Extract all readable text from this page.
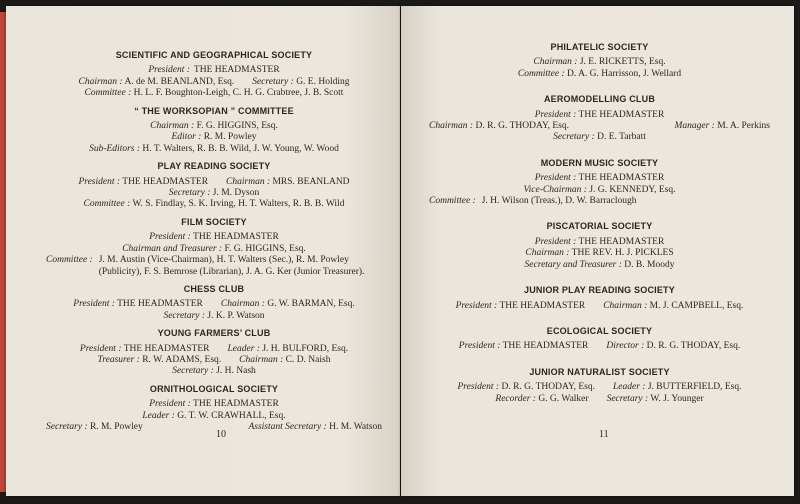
SCIENTIFIC AND GEOGRAPHICAL SOCIETY
President : THE HEADMASTER
Chairman : A. de M. BEANLAND, Esq. Secretary : G. E. Holding
Committee : H. L. F. Boughton-Leigh, C. H. G. Crabtree, J. B. Scott
“ THE WORKSOPIAN ” COMMITTEE
Chairman : F. G. HIGGINS, Esq.
Editor : R. M. Powley
Sub-Editors : H. T. Walters, R. B. B. Wild, J. W. Young, W. Wood
PLAY READING SOCIETY
President : THE HEADMASTER Chairman : MRS. BEANLAND
Secretary : J. M. Dyson
Committee : W. S. Findlay, S. K. Irving, H. T. Walters, R. B. B. Wild
FILM SOCIETY
President : THE HEADMASTER
Chairman and Treasurer : F. G. HIGGINS, Esq.
Committee : J. M. Austin (Vice-Chairman), H. T. Walters (Sec.), R. M. Powley (Publicity), F. S. Bemrose (Librarian), J. A. G. Ker (Junior Treasurer).
CHESS CLUB
President : THE HEADMASTER Chairman : G. W. BARMAN, Esq.
Secretary : J. K. P. Watson
YOUNG FARMERS’ CLUB
President : THE HEADMASTER Leader : J. H. BULFORD, Esq.
Treasurer : R. W. ADAMS, Esq. Chairman : C. D. Naish
Secretary : J. H. Nash
ORNITHOLOGICAL SOCIETY
President : THE HEADMASTER
Leader : G. T. W. CRAWHALL, Esq.
Secretary : R. M. Powley	Assistant Secretary : H. M. Watson
10
PHILATELIC SOCIETY
Chairman : J. E. RICKETTS, Esq.
Committee : D. A. G. Harrisson, J. Wellard
AEROMODELLING CLUB
President : THE HEADMASTER
Chairman : D. R. G. THODAY, Esq.	Manager : M. A. Perkins
Secretary : D. E. Tarbatt
MODERN MUSIC SOCIETY
President : THE HEADMASTER
Vice-Chairman : J. G. KENNEDY, Esq.
Committee : J. H. Wilson (Treas.), D. W. Barraclough
PISCATORIAL SOCIETY
President : THE HEADMASTER
Chairman : THE REV. H. J. PICKLES
Secretary and Treasurer : D. B. Moody
JUNIOR PLAY READING SOCIETY
President : THE HEADMASTER Chairman : M. J. CAMPBELL, Esq.
ECOLOGICAL SOCIETY
President : THE HEADMASTER Director : D. R. G. THODAY, Esq.
JUNIOR NATURALIST SOCIETY
President : D. R. G. THODAY, Esq. Leader : J. BUTTERFIELD, Esq.
Recorder : G. G. Walker Secretary : W. J. Younger
11
